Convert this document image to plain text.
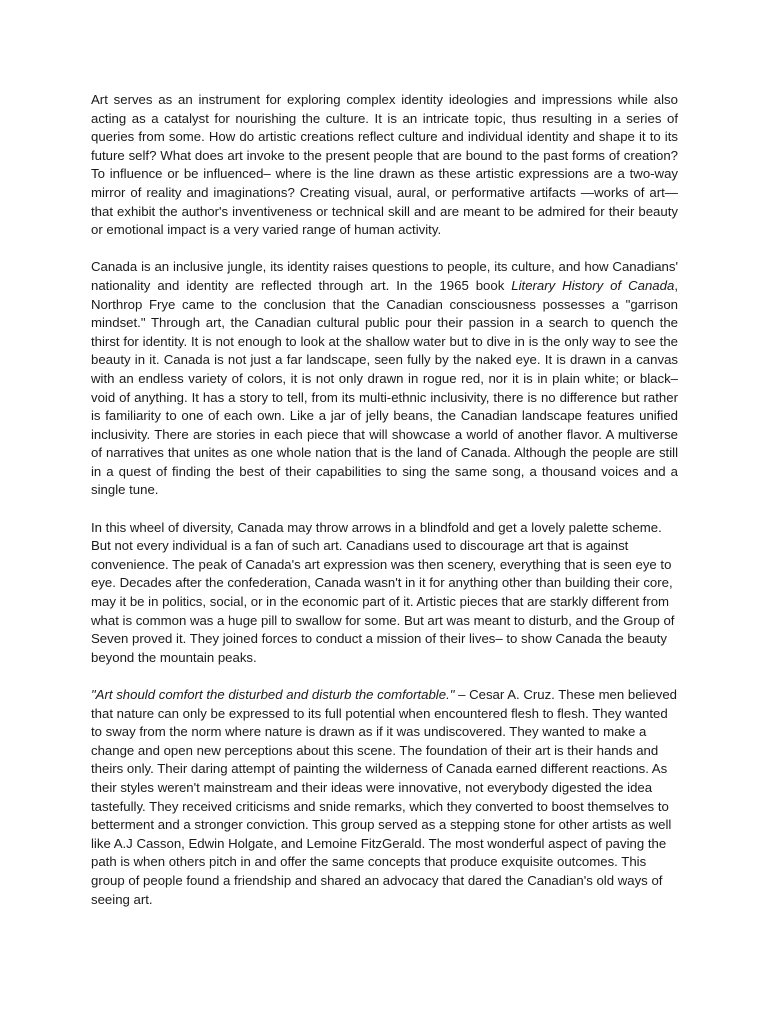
Art serves as an instrument for exploring complex identity ideologies and impressions while also acting as a catalyst for nourishing the culture. It is an intricate topic, thus resulting in a series of queries from some. How do artistic creations reflect culture and individual identity and shape it to its future self? What does art invoke to the present people that are bound to the past forms of creation? To influence or be influenced– where is the line drawn as these artistic expressions are a two-way mirror of reality and imaginations? Creating visual, aural, or performative artifacts —works of art—that exhibit the author's inventiveness or technical skill and are meant to be admired for their beauty or emotional impact is a very varied range of human activity.

Canada is an inclusive jungle, its identity raises questions to people, its culture, and how Canadians' nationality and identity are reflected through art. In the 1965 book Literary History of Canada, Northrop Frye came to the conclusion that the Canadian consciousness possesses a "garrison mindset." Through art, the Canadian cultural public pour their passion in a search to quench the thirst for identity. It is not enough to look at the shallow water but to dive in is the only way to see the beauty in it. Canada is not just a far landscape, seen fully by the naked eye. It is drawn in a canvas with an endless variety of colors, it is not only drawn in rogue red, nor it is in plain white; or black– void of anything. It has a story to tell, from its multi-ethnic inclusivity, there is no difference but rather is familiarity to one of each own. Like a jar of jelly beans, the Canadian landscape features unified inclusivity. There are stories in each piece that will showcase a world of another flavor. A multiverse of narratives that unites as one whole nation that is the land of Canada. Although the people are still in a quest of finding the best of their capabilities to sing the same song, a thousand voices and a single tune.

In this wheel of diversity, Canada may throw arrows in a blindfold and get a lovely palette scheme. But not every individual is a fan of such art. Canadians used to discourage art that is against convenience. The peak of Canada's art expression was then scenery, everything that is seen eye to eye. Decades after the confederation, Canada wasn't in it for anything other than building their core, may it be in politics, social, or in the economic part of it. Artistic pieces that are starkly different from what is common was a huge pill to swallow for some. But art was meant to disturb, and the Group of Seven proved it. They joined forces to conduct a mission of their lives– to show Canada the beauty beyond the mountain peaks.

"Art should comfort the disturbed and disturb the comfortable." – Cesar A. Cruz. These men believed that nature can only be expressed to its full potential when encountered flesh to flesh. They wanted to sway from the norm where nature is drawn as if it was undiscovered. They wanted to make a change and open new perceptions about this scene. The foundation of their art is their hands and theirs only. Their daring attempt of painting the wilderness of Canada earned different reactions. As their styles weren't mainstream and their ideas were innovative, not everybody digested the idea tastefully. They received criticisms and snide remarks, which they converted to boost themselves to betterment and a stronger conviction. This group served as a stepping stone for other artists as well like A.J Casson, Edwin Holgate, and Lemoine FitzGerald. The most wonderful aspect of paving the path is when others pitch in and offer the same concepts that produce exquisite outcomes. This group of people found a friendship and shared an advocacy that dared the Canadian's old ways of seeing art.
